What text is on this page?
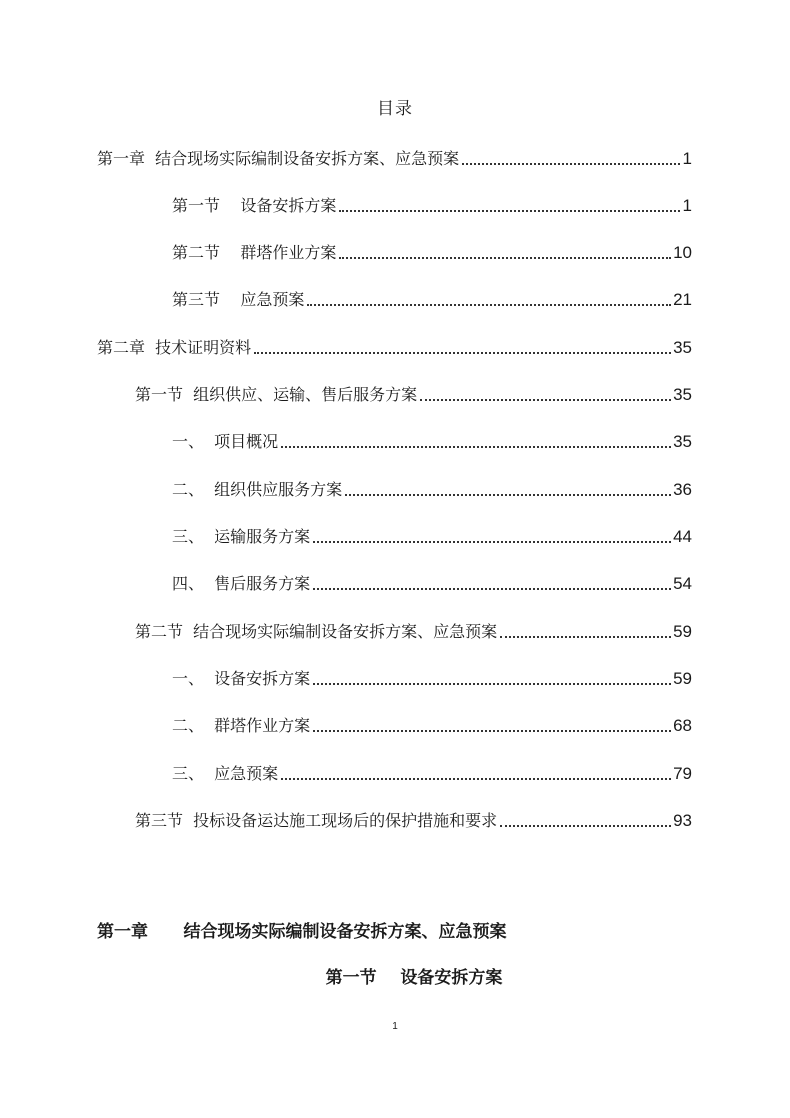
目录
第一章  结合现场实际编制设备安拆方案、应急预案	1
第一节    设备安拆方案	1
第二节    群塔作业方案	10
第三节    应急预案	21
第二章  技术证明资料	35
第一节  组织供应、运输、售后服务方案	35
一、  项目概况	35
二、  组织供应服务方案	36
三、  运输服务方案	44
四、  售后服务方案	54
第二节  结合现场实际编制设备安拆方案、应急预案	59
一、  设备安拆方案	59
二、  群塔作业方案	68
三、  应急预案	79
第三节  投标设备运达施工现场后的保护措施和要求	93
第一章      结合现场实际编制设备安拆方案、应急预案
第一节    设备安拆方案
1
